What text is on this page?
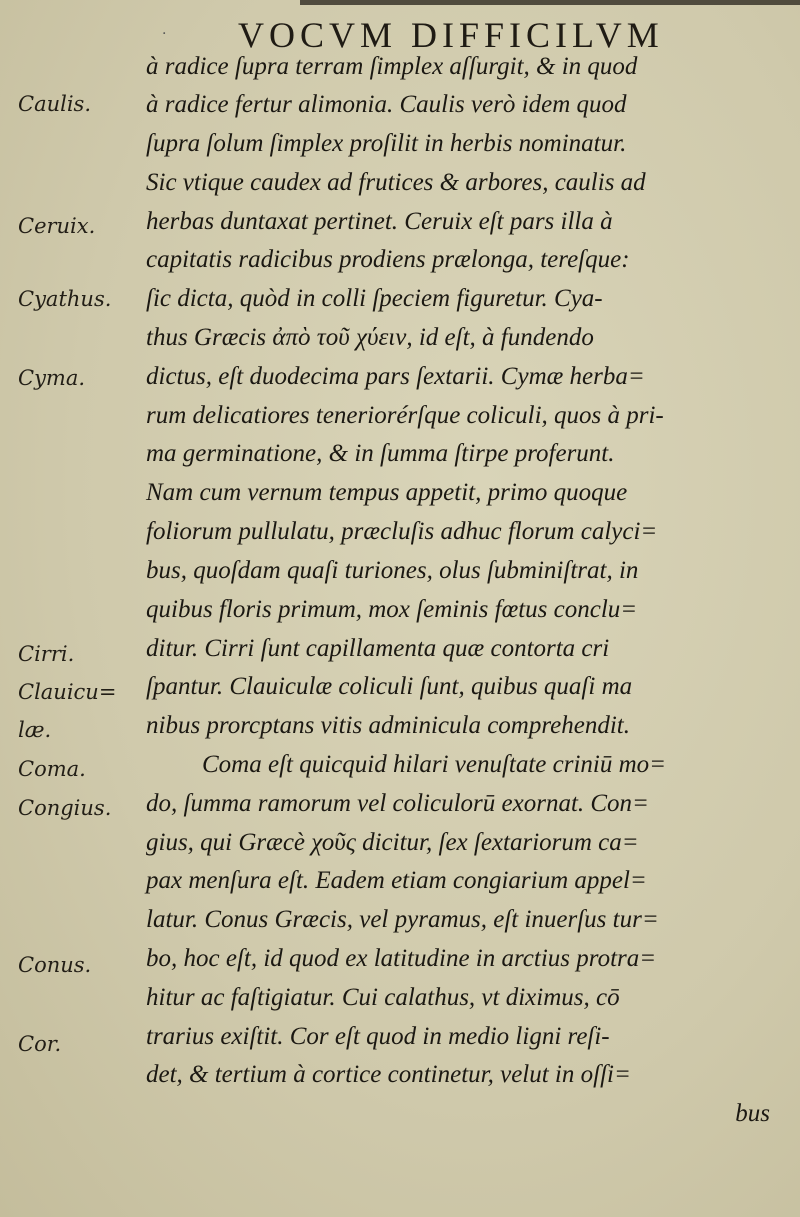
· VOCVM DIFFICILVM
Caulis.
Ceruix.
Cyathus.
Cyma.
Cirri.
Clauicu=
læ.
Coma.
Congius.
Conus.
Cor.
à radice ſupra terram ſimplex aſſurgit, & in quod
à radice fertur alimonia. Caulis verò idem quod
ſupra ſolum ſimplex proſilit in herbis nominatur.
Sic vtique caudex ad frutices & arbores, caulis ad
herbas duntaxat pertinet. Ceruix eſt pars illa à
capitatis radicibus prodiens prælonga, tereſque:
ſic dicta, quòd in colli ſpeciem figuretur. Cya-
thus Græcis ἀπὸ τοῦ χύειν, id eſt, à fundendo
dictus, eſt duodecima pars ſextarii. Cymæ herba=
rum delicatiores teneriorérſque coliculi, quos à pri-
ma germinatione, & in ſumma ſtirpe proferunt.
Nam cum vernum tempus appetit, primo quoque
foliorum pullulatu, præcluſis adhuc florum calyci=
bus, quoſdam quaſi turiones, olus ſubminiſtrat, in
quibus floris primum, mox ſeminis fœtus conclu=
ditur. Cirri ſunt capillamenta quæ contorta cri
ſpantur. Clauiculæ coliculi ſunt, quibus quaſi ma
nibus prorcptans vitis adminicula comprehendit.
Coma eſt quicquid hilari venuſtate criniū mo=
do, ſumma ramorum vel coliculorū exornat. Con=
gius, qui Græcè χοῦς dicitur, ſex ſextariorum ca=
pax menſura eſt. Eadem etiam congiarium appel=
latur. Conus Græcis, vel pyramus, eſt inuerſus tur=
bo, hoc eſt, id quod ex latitudine in arctius protra=
hitur ac faſtigiatur. Cui calathus, vt diximus, cō
trarius exiſtit. Cor eſt quod in medio ligni reſi-
det, & tertium à cortice continetur, velut in oſſi=
bus
